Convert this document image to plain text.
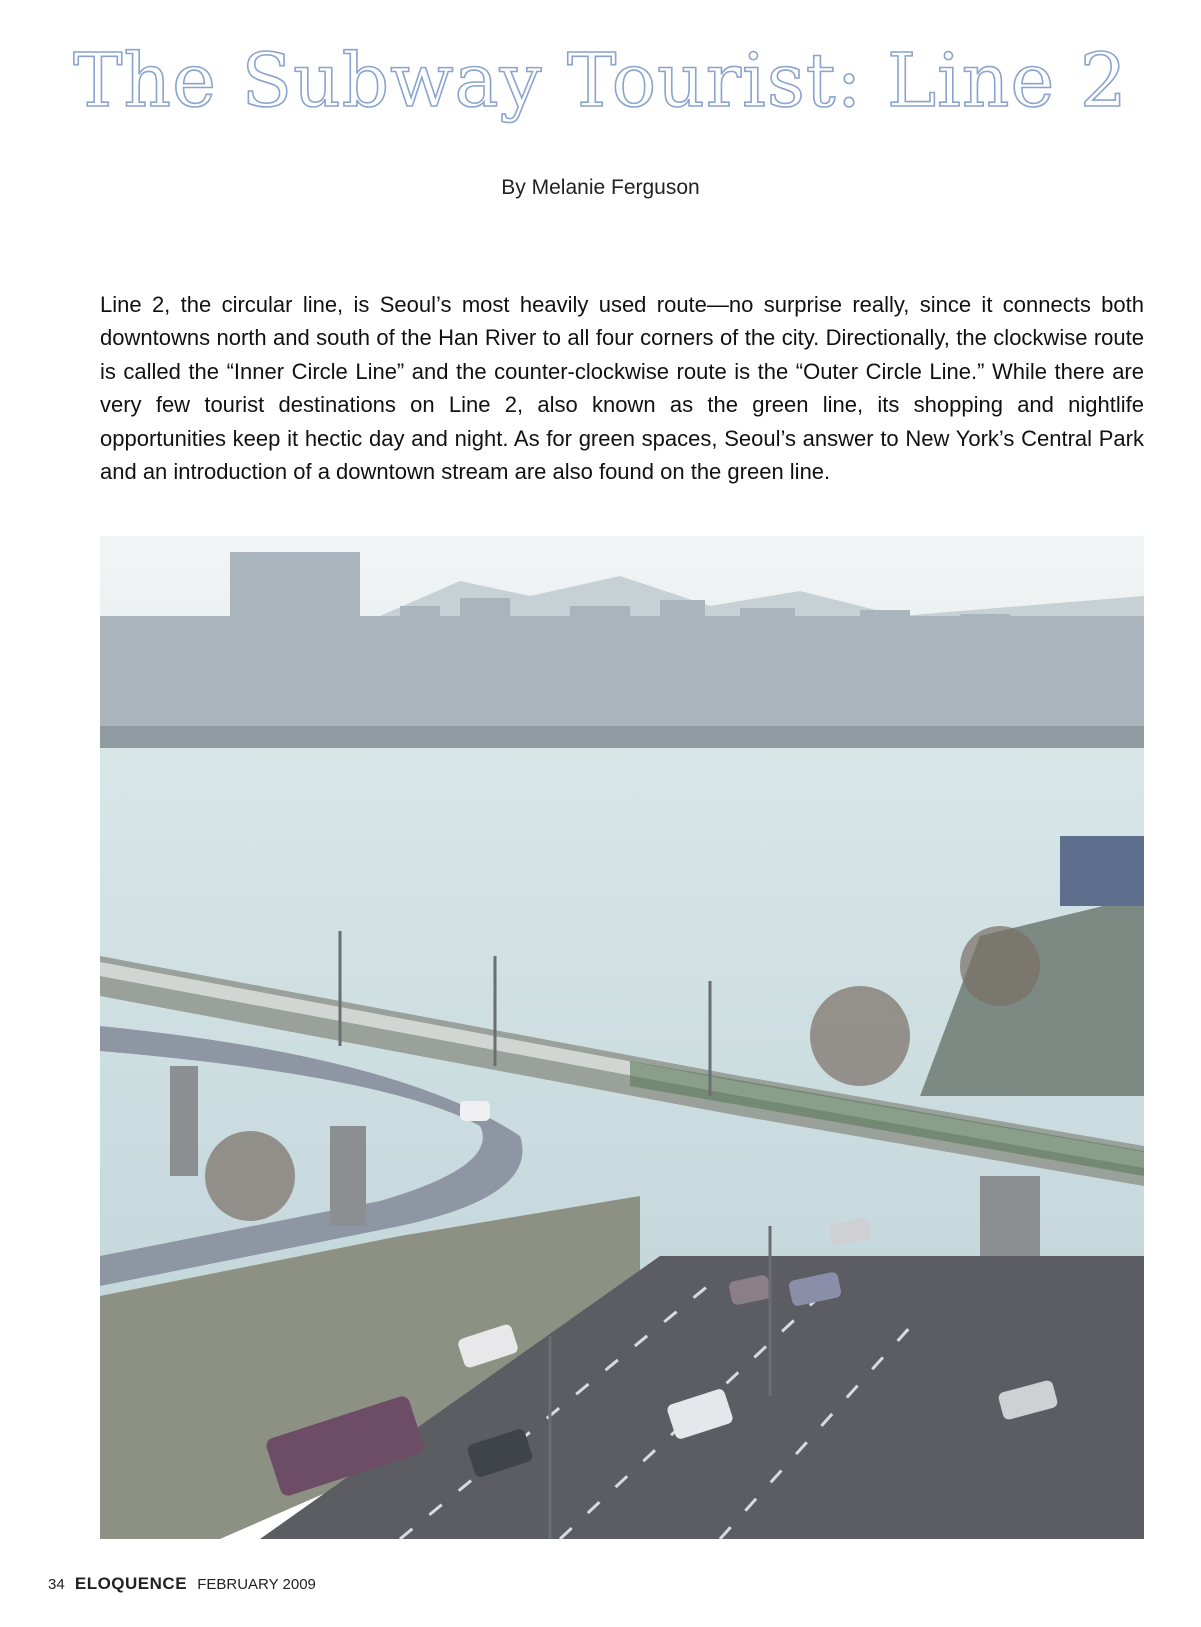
The Subway Tourist: Line 2
By Melanie Ferguson
Line 2, the circular line, is Seoul’s most heavily used route—no surprise really, since it connects both downtowns north and south of the Han River to all four corners of the city. Directionally, the clockwise route is called the “Inner Circle Line” and the counter-clockwise route is the “Outer Circle Line.” While there are very few tourist destinations on Line 2, also known as the green line, its shopping and nightlife opportunities keep it hectic day and night. As for green spaces, Seoul’s answer to New York’s Central Park and an introduction of a downtown stream are also found on the green line.
34 ELOQUENCE FEBRUARY 2009
